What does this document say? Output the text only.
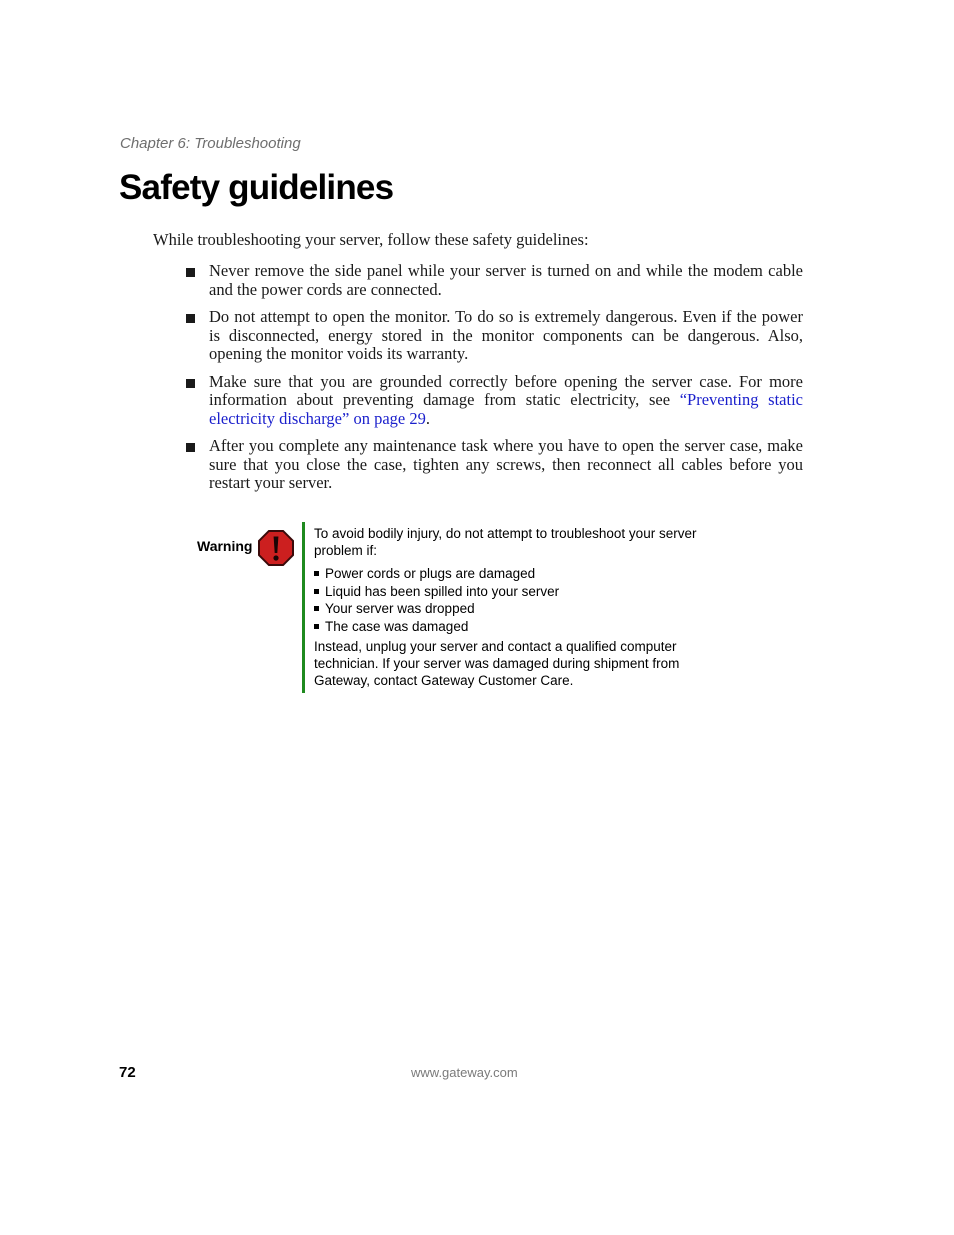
Chapter 6: Troubleshooting
Safety guidelines
While troubleshooting your server, follow these safety guidelines:
Never remove the side panel while your server is turned on and while the modem cable and the power cords are connected.
Do not attempt to open the monitor. To do so is extremely dangerous. Even if the power is disconnected, energy stored in the monitor components can be dangerous. Also, opening the monitor voids its warranty.
Make sure that you are grounded correctly before opening the server case. For more information about preventing damage from static electricity, see “Preventing static electricity discharge” on page 29.
After you complete any maintenance task where you have to open the server case, make sure that you close the case, tighten any screws, then reconnect all cables before you restart your server.
Warning

To avoid bodily injury, do not attempt to troubleshoot your server problem if:

Power cords or plugs are damaged
Liquid has been spilled into your server
Your server was dropped
The case was damaged

Instead, unplug your server and contact a qualified computer technician. If your server was damaged during shipment from Gateway, contact Gateway Customer Care.

72	www.gateway.com
